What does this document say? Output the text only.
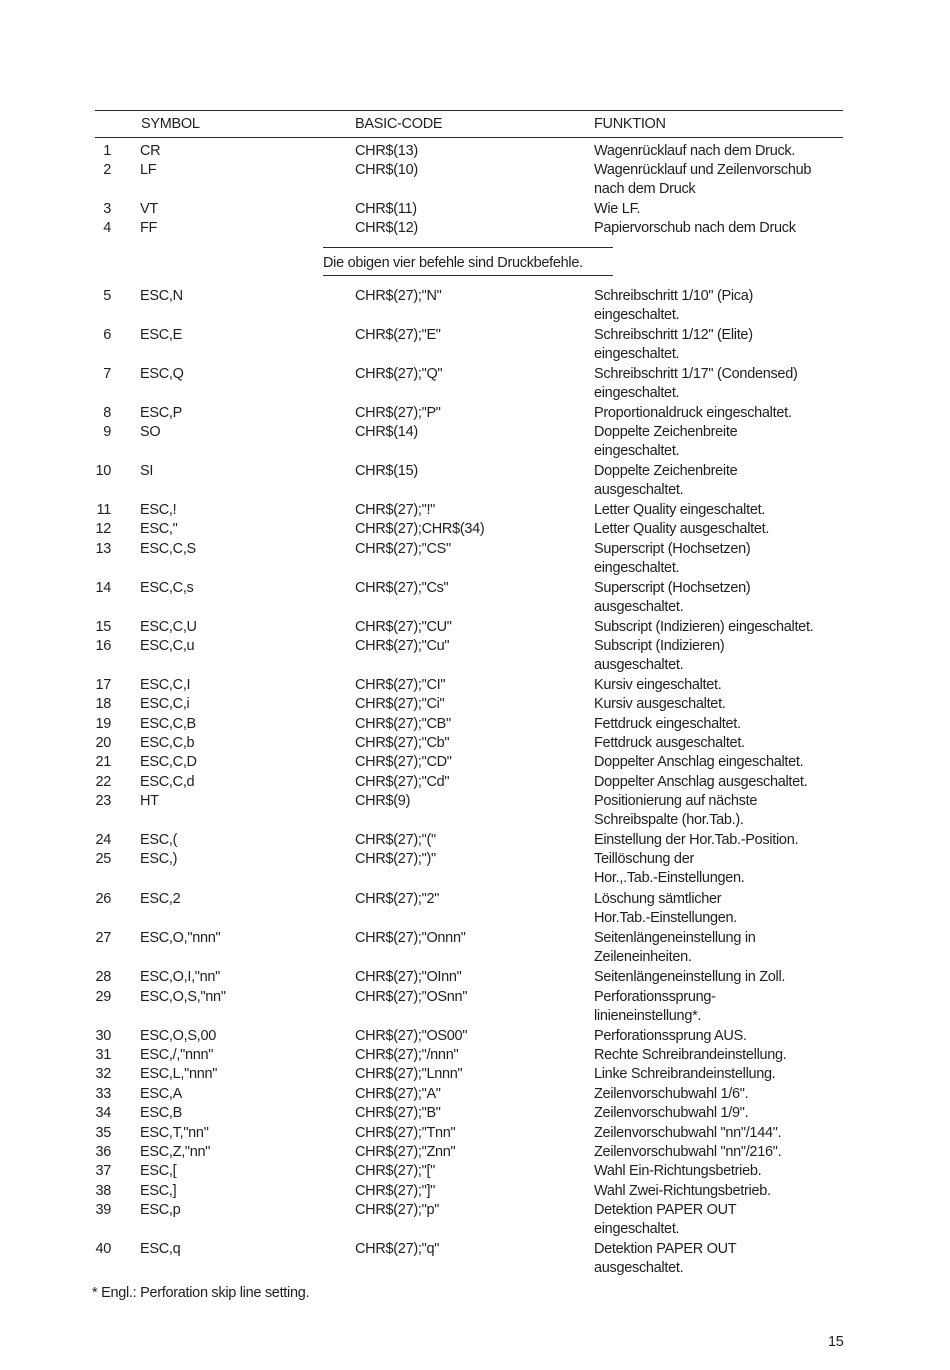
SYMBOL	BASIC-CODE	FUNKTION
1 CR	CHR$(13)	Wagenrücklauf nach dem Druck.
2 LF	CHR$(10)	Wagenrücklauf und Zeilenvorschub
nach dem Druck
3 VT	CHR$(11)	Wie LF.
4 FF	CHR$(12)	Papiervorschub nach dem Druck
5 ESC,N	CHR$(27);"N"	Schreibschritt 1/10" (Pica)
eingeschaltet.
6 ESC,E	CHR$(27);"E"	Schreibschritt 1/12" (Elite)
eingeschaltet.
7 ESC,Q	CHR$(27);"Q"	Schreibschritt 1/17" (Condensed)
eingeschaltet.
8 ESC,P	CHR$(27);"P"	Proportionaldruck eingeschaltet.
9 SO	CHR$(14)	Doppelte Zeichenbreite
eingeschaltet.
10 SI	CHR$(15)	Doppelte Zeichenbreite
ausgeschaltet.
11 ESC,!	CHR$(27);"!"	Letter Quality eingeschaltet.
12 ESC,"	CHR$(27);CHR$(34)	Letter Quality ausgeschaltet.
13 ESC,C,S	CHR$(27);"CS"	Superscript (Hochsetzen)
eingeschaltet.
14 ESC,C,s	CHR$(27);"Cs"	Superscript (Hochsetzen)
ausgeschaltet.
15 ESC,C,U	CHR$(27);"CU"	Subscript (Indizieren) eingeschaltet.
16 ESC,C,u	CHR$(27);"Cu"	Subscript (Indizieren)
ausgeschaltet.
17 ESC,C,I	CHR$(27);"CI"	Kursiv eingeschaltet.
18 ESC,C,i	CHR$(27);"Ci"	Kursiv ausgeschaltet.
19 ESC,C,B	CHR$(27);"CB"	Fettdruck eingeschaltet.
20 ESC,C,b	CHR$(27);"Cb"	Fettdruck ausgeschaltet.
21 ESC,C,D	CHR$(27);"CD"	Doppelter Anschlag eingeschaltet.
22 ESC,C,d	CHR$(27);"Cd"	Doppelter Anschlag ausgeschaltet.
23 HT	CHR$(9)	Positionierung auf nächste
Schreibspalte (hor.Tab.).
24 ESC,(	CHR$(27);"("	Einstellung der Hor.Tab.-Position.
25 ESC,)	CHR$(27);")"	Teillöschung der
Hor.,.Tab.-Einstellungen.
26 ESC,2	CHR$(27);"2"	Löschung sämtlicher
Hor.Tab.-Einstellungen.
27 ESC,O,"nnn"	CHR$(27);"Onnn"	Seitenlängeneinstellung in
Zeileneinheiten.
28 ESC,O,I,"nn"	CHR$(27);"OInn"	Seitenlängeneinstellung in Zoll.
29 ESC,O,S,"nn"	CHR$(27);"OSnn"	Perforationssprung-
linieneinstellung*.
30 ESC,O,S,00	CHR$(27);"OS00"	Perforationssprung AUS.
31 ESC,/,"nnn"	CHR$(27);"/nnn"	Rechte Schreibrandeinstellung.
32 ESC,L,"nnn"	CHR$(27);"Lnnn"	Linke Schreibrandeinstellung.
33 ESC,A	CHR$(27);"A"	Zeilenvorschubwahl 1/6".
34 ESC,B	CHR$(27);"B"	Zeilenvorschubwahl 1/9".
35 ESC,T,"nn"	CHR$(27);"Tnn"	Zeilenvorschubwahl "nn"/144".
36 ESC,Z,"nn"	CHR$(27);"Znn"	Zeilenvorschubwahl "nn"/216".
37 ESC,[	CHR$(27);"["	Wahl Ein-Richtungsbetrieb.
38 ESC,]	CHR$(27);"]"	Wahl Zwei-Richtungsbetrieb.
39 ESC,p	CHR$(27);"p"	Detektion PAPER OUT
eingeschaltet.
40 ESC,q	CHR$(27);"q"	Detektion PAPER OUT
ausgeschaltet.
Die obigen vier befehle sind Druckbefehle.
* Engl.: Perforation skip line setting.
15
